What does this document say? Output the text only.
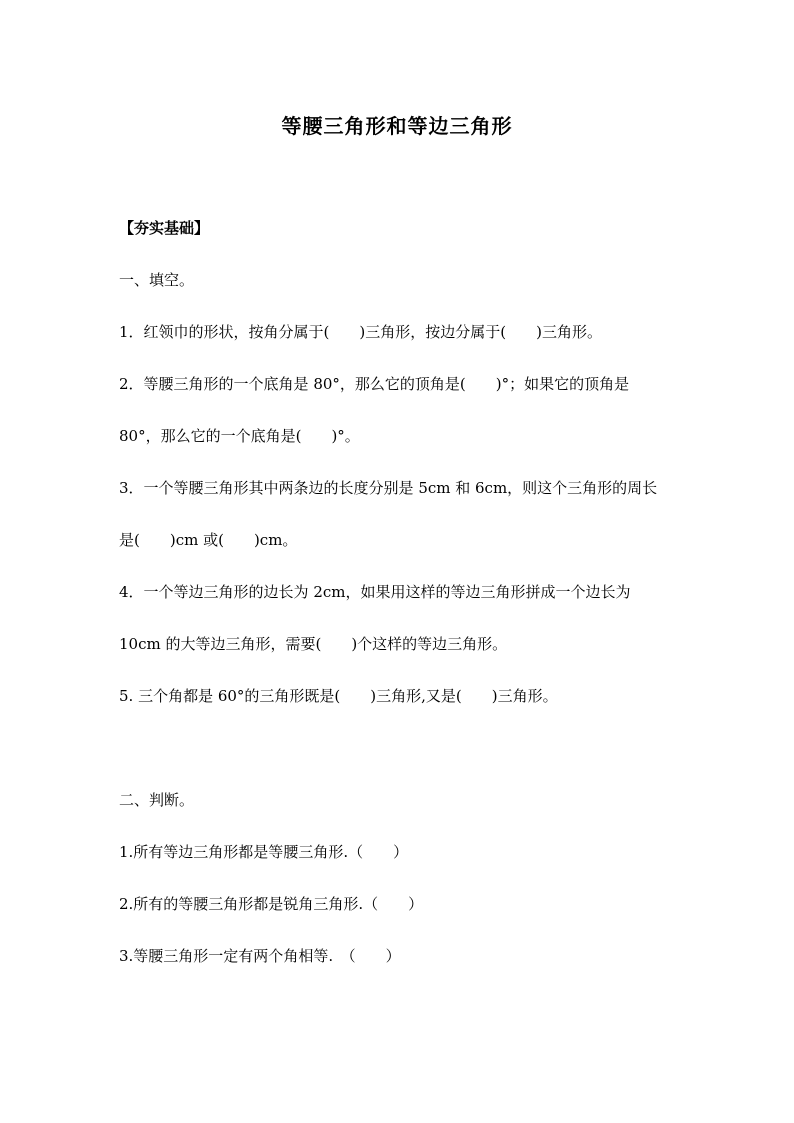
等腰三角形和等边三角形

【夯实基础】

一、填空。

1．红领巾的形状，按角分属于(　　)三角形，按边分属于(　　)三角形。

2．等腰三角形的一个底角是 80°，那么它的顶角是(　　)°；如果它的顶角是

80°，那么它的一个底角是(　　)°。

3．一个等腰三角形其中两条边的长度分别是 5cm 和 6cm，则这个三角形的周长

是(　　)cm 或(　　)cm。

4．一个等边三角形的边长为 2cm，如果用这样的等边三角形拼成一个边长为

10cm 的大等边三角形，需要(　　)个这样的等边三角形。

5. 三个角都是 60°的三角形既是(　　)三角形,又是(　　)三角形。

二、判断。

1.所有等边三角形都是等腰三角形.（　　）

2.所有的等腰三角形都是锐角三角形.（　　）

3.等腰三角形一定有两个角相等.　（　　）
